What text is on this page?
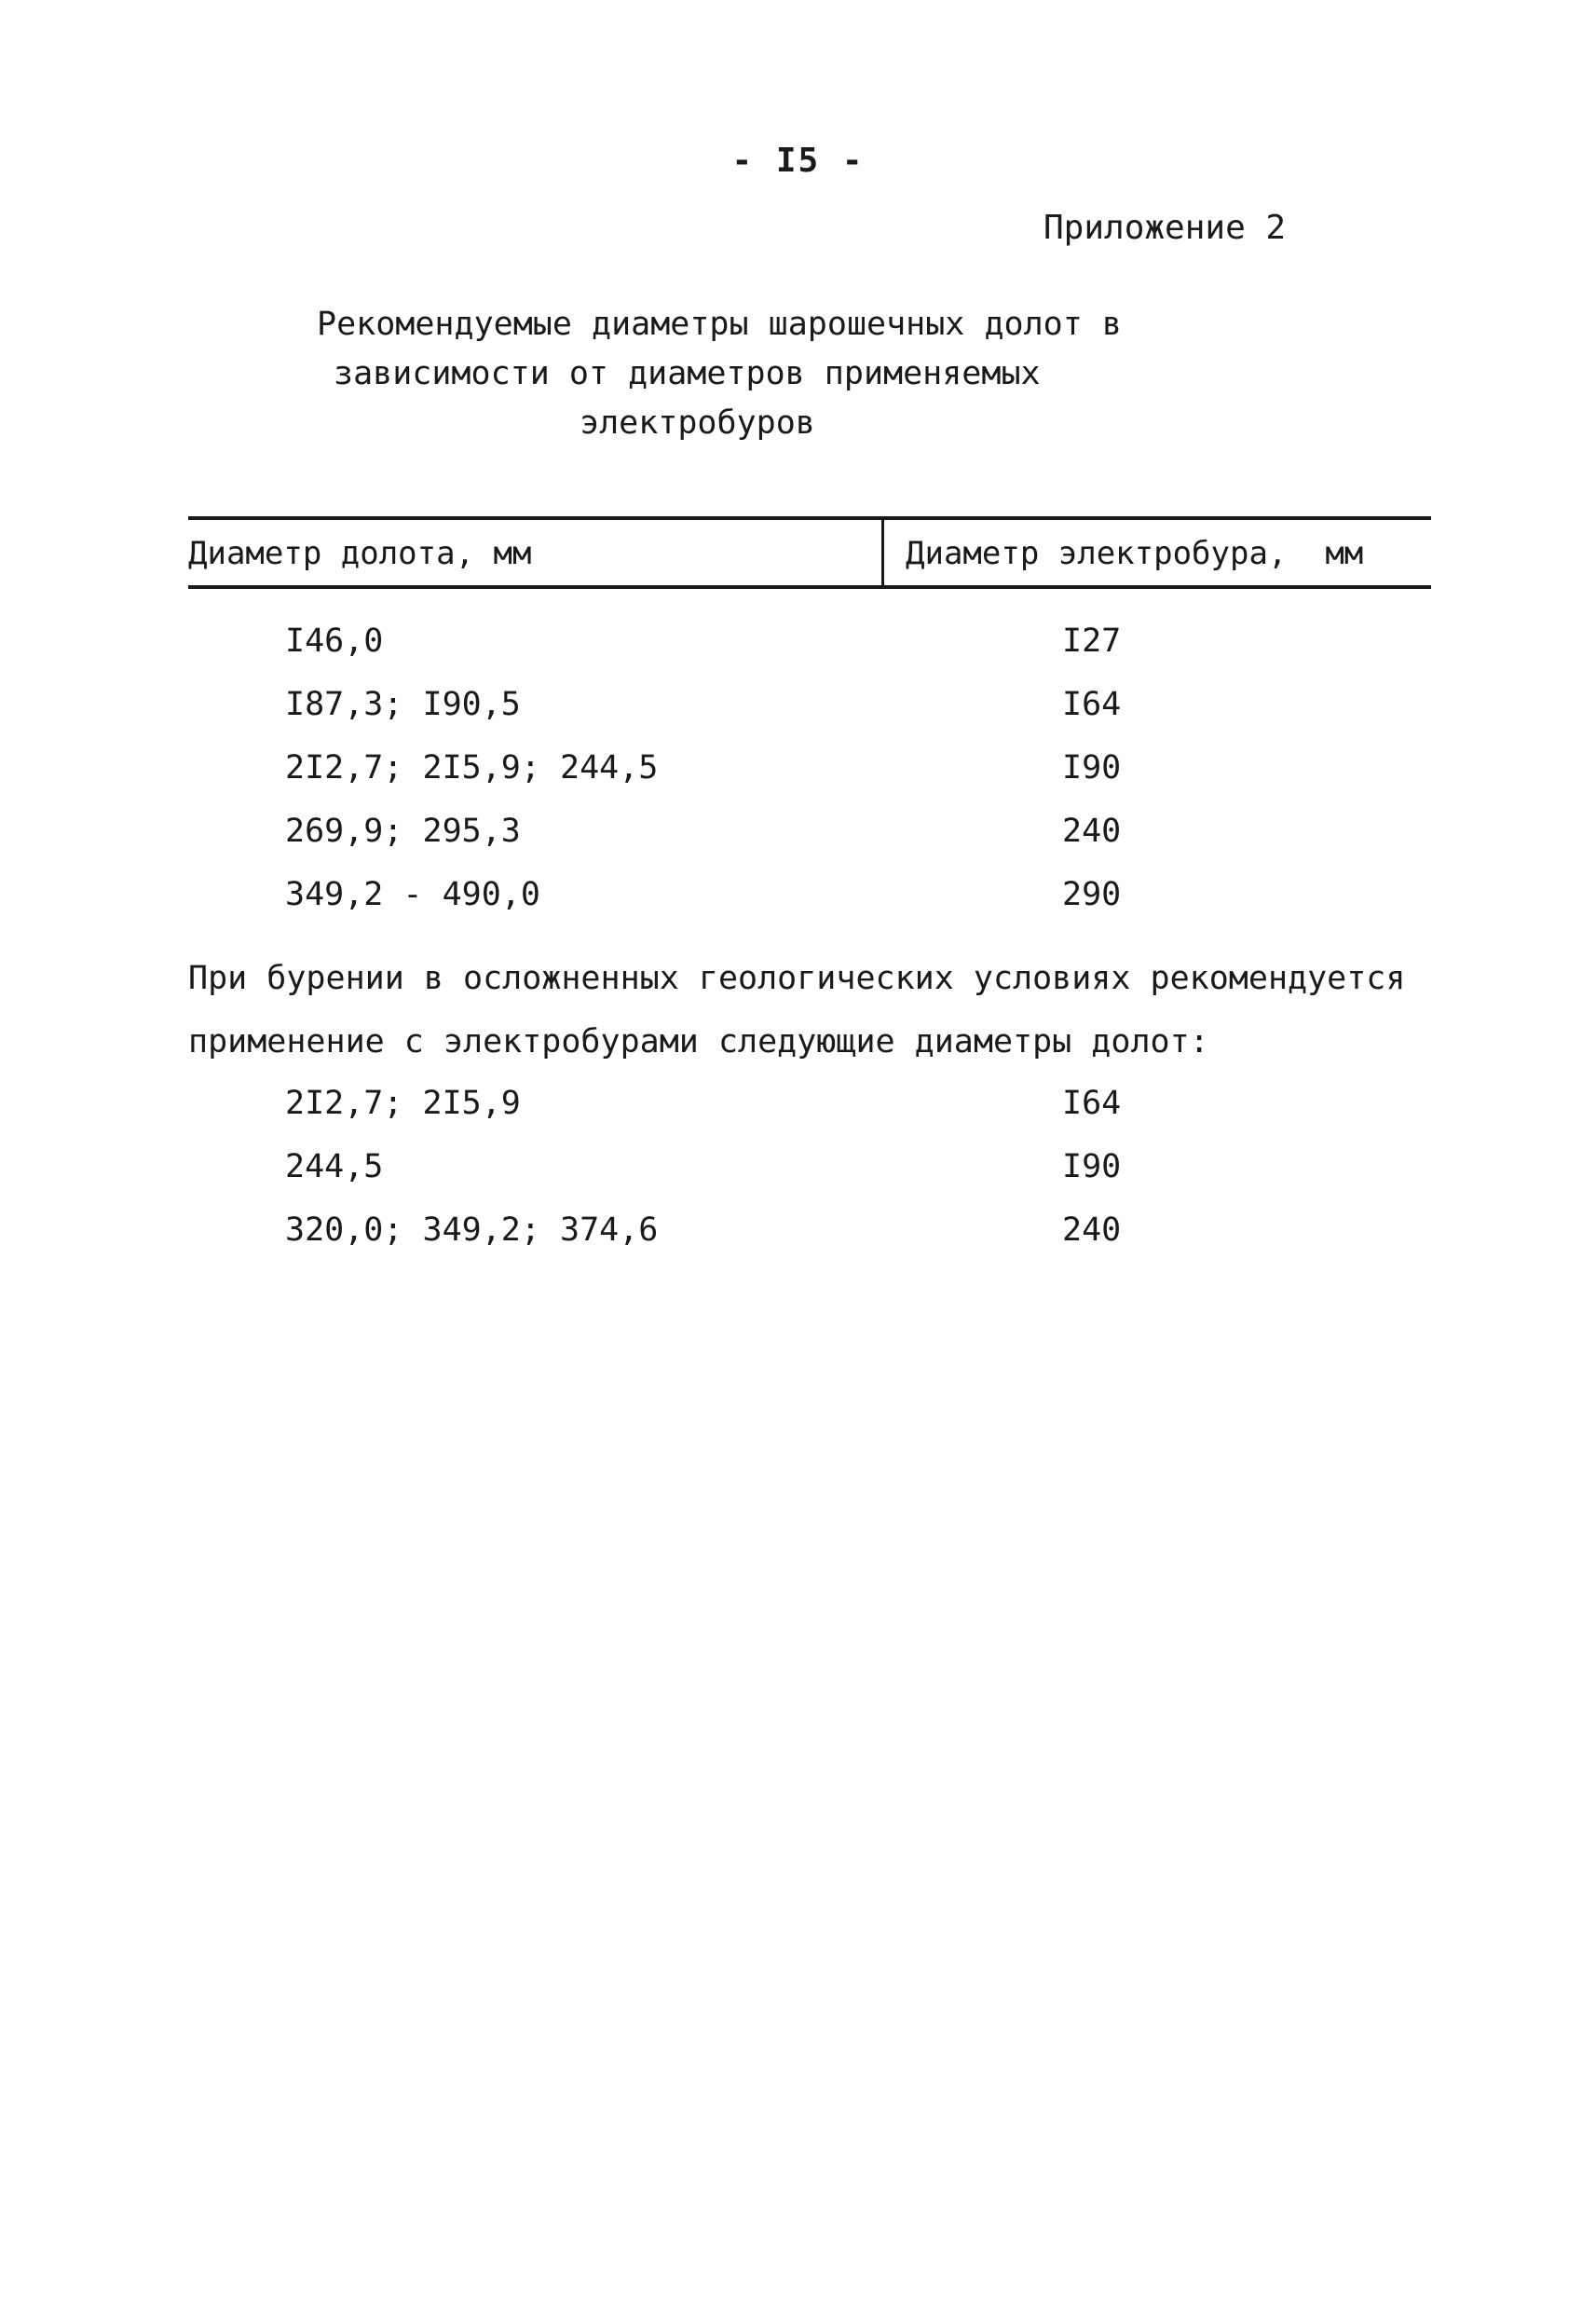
- I5 -
Приложение 2
Рекомендуемые диаметры шарошечных долот в
зависимости от диаметров применяемых
электробуров
Диаметр долота, мм	Диаметр электробура,  мм
I46,0	I27
I87,3; I90,5	I64
2I2,7; 2I5,9; 244,5	I90
269,9; 295,3	240
349,2 - 490,0	290
При бурении в осложненных геологических условиях рекомендуется
применение с электробурами следующие диаметры долот:
2I2,7; 2I5,9	I64
244,5	I90
320,0; 349,2; 374,6	240
